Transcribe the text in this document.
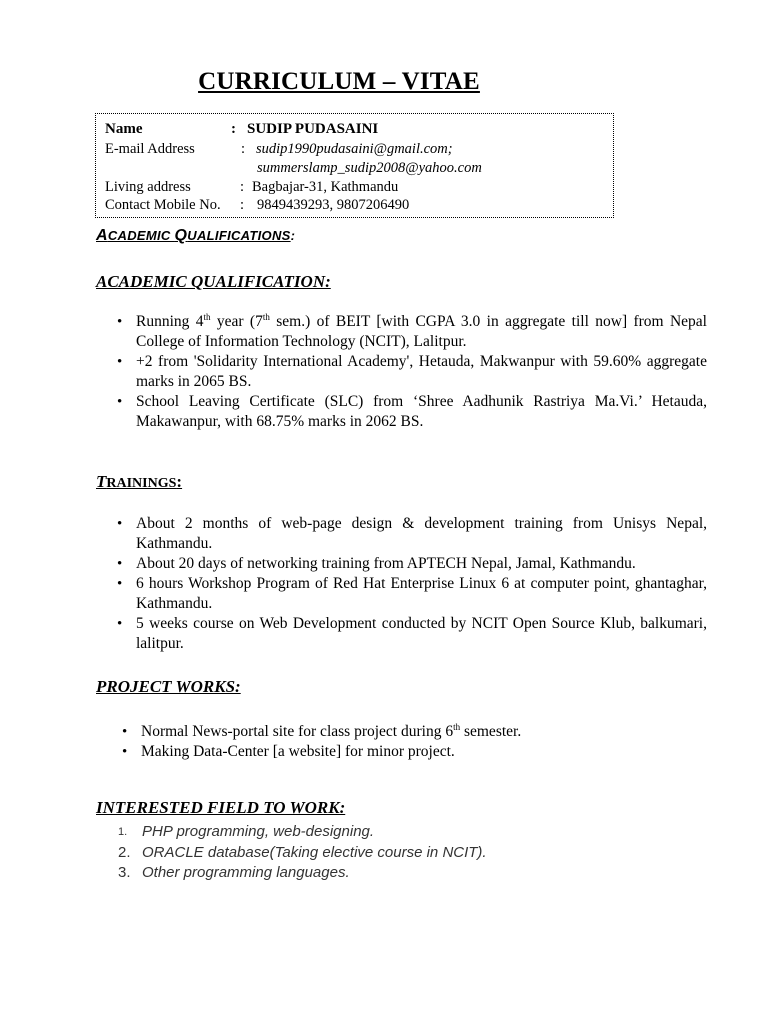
CURRICULUM – VITAE
Name	: SUDIP PUDASAINI
E-mail Address	: sudip1990pudasaini@gmail.com;
summerslamp_sudip2008@yahoo.com
Living address	: Bagbajar-31, Kathmandu
Contact Mobile No. : 9849439293, 9807206490
ACADEMIC QUALIFICATIONS:
ACADEMIC QUALIFICATION:
• Running 4th year (7th sem.) of BEIT [with CGPA 3.0 in aggregate till now] from Nepal College of Information Technology (NCIT), Lalitpur.
• +2 from 'Solidarity International Academy', Hetauda, Makwanpur with 59.60% aggregate marks in 2065 BS.
• School Leaving Certificate (SLC) from ‘Shree Aadhunik Rastriya Ma.Vi.’ Hetauda, Makawanpur, with 68.75% marks in 2062 BS.
TRAININGS:
• About 2 months of web-page design & development training from Unisys Nepal, Kathmandu.
• About 20 days of networking training from APTECH Nepal, Jamal, Kathmandu.
• 6 hours Workshop Program of Red Hat Enterprise Linux 6 at computer point, ghantaghar, Kathmandu.
• 5 weeks course on Web Development conducted by NCIT Open Source Klub, balkumari, lalitpur.
PROJECT WORKS:
• Normal News-portal site for class project during 6th semester.
• Making Data-Center [a website] for minor project.
INTERESTED FIELD TO WORK:
1. PHP programming, web-designing.
2. ORACLE database(Taking elective course in NCIT).
3. Other programming languages.
